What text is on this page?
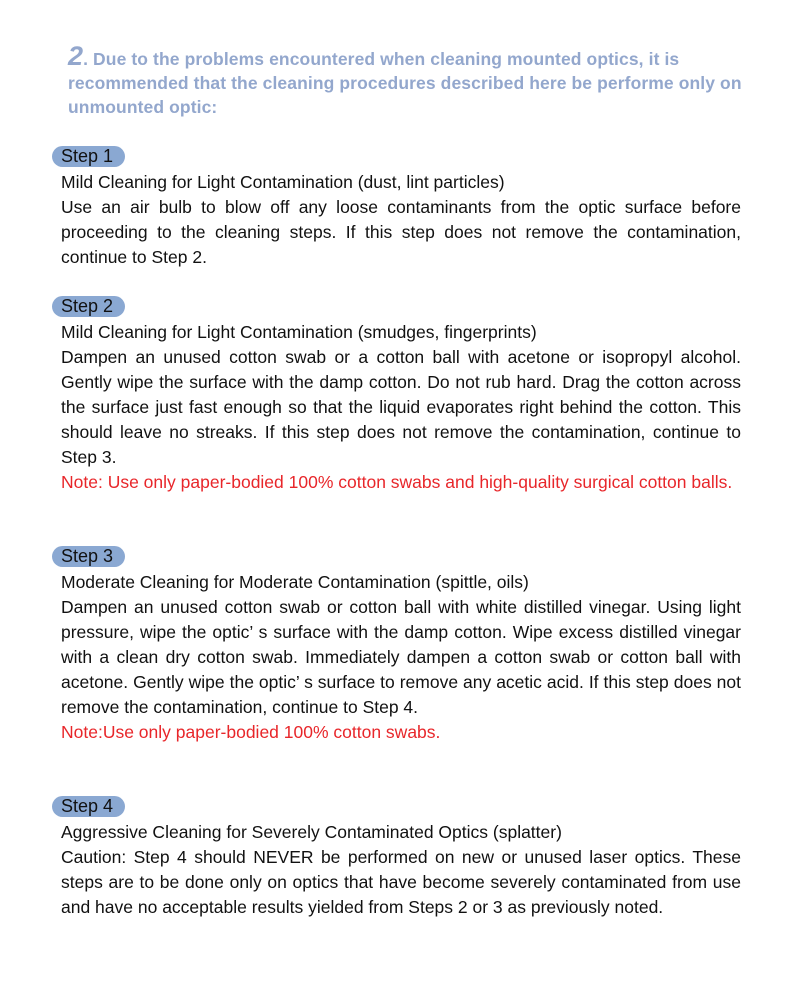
2. Due to the problems encountered when cleaning mounted optics, it is recommended that the cleaning procedures described here be performe only on unmounted optic:
Step 1

Mild Cleaning for Light Contamination (dust, lint particles)

Use an air bulb to blow off any loose contaminants from the optic surface before proceeding to the cleaning steps. If this step does not remove the contamination, continue to Step 2.

Step 2

Mild Cleaning for Light Contamination (smudges, fingerprints)

Dampen an unused cotton swab or a cotton ball with acetone or isopropyl alcohol. Gently wipe the surface with the damp cotton. Do not rub hard. Drag the cotton across the surface just fast enough so that the liquid evaporates right behind the cotton. This should leave no streaks. If this step does not remove the contamination, continue to Step 3.

Note: Use only paper-bodied 100% cotton swabs and high-quality surgical cotton balls.

Step 3

Moderate Cleaning for Moderate Contamination (spittle, oils)

Dampen an unused cotton swab or cotton ball with white distilled vinegar. Using light pressure, wipe the optic’ s surface with the damp cotton. Wipe excess distilled vinegar with a clean dry cotton swab. Immediately dampen a cotton swab or cotton ball with acetone. Gently wipe the optic’ s surface to remove any acetic acid. If this step does not remove the contamination, continue to Step 4.

Note:Use only paper-bodied 100% cotton swabs.

Step 4

Aggressive Cleaning for Severely Contaminated Optics (splatter)

Caution: Step 4 should NEVER be performed on new or unused laser optics. These steps are to be done only on optics that have become severely contaminated from use and have no acceptable results yielded from Steps 2 or 3 as previously noted.
